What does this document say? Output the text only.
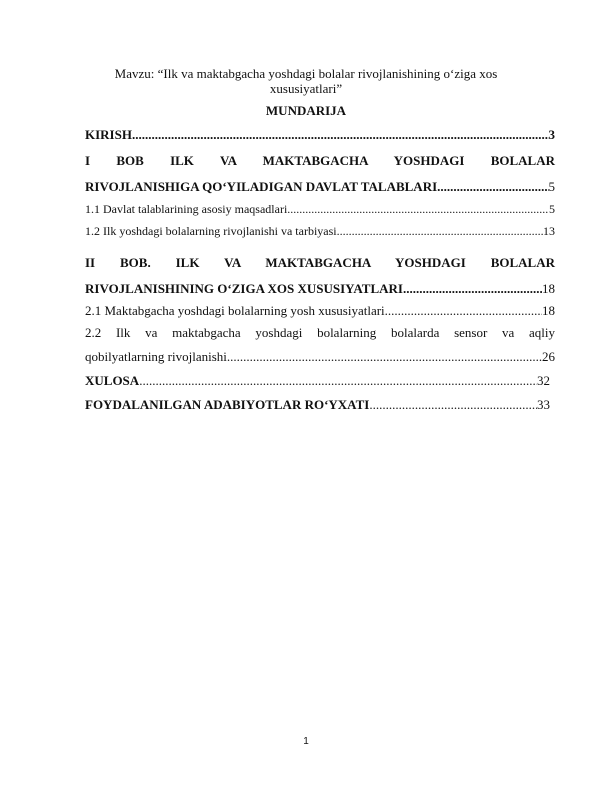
Mavzu: “Ilk va maktabgacha yoshdagi bolalar rivojlanishining o‘ziga xos xususiyatlari”
MUNDARIJA
KIRISH .....	3
I BOB ILK VA MAKTABGACHA YOSHDAGI BOLALAR
RIVOJLANISHIGA QO‘YILADIGAN DAVLAT TALABLARI .....	5
1.1 Davlat talablarining asosiy maqsadlari .....	5
1.2 Ilk yoshdagi bolalarning rivojlanishi va tarbiyasi .....	13
II BOB. ILK VA MAKTABGACHA YOSHDAGI BOLALAR
RIVOJLANISHINING O‘ZIGA XOS XUSUSIYATLARI .....	18
2.1 Maktabgacha yoshdagi bolalarning yosh xususiyatlari .....	18
2.2 Ilk va maktabgacha yoshdagi bolalarning bolalarda sensor va aqliy
qobilyatlarning rivojlanishi .....	26
XULOSA .....	32
FOYDALANILGAN ADABIYOTLAR RO‘YXATI .....	33
1
